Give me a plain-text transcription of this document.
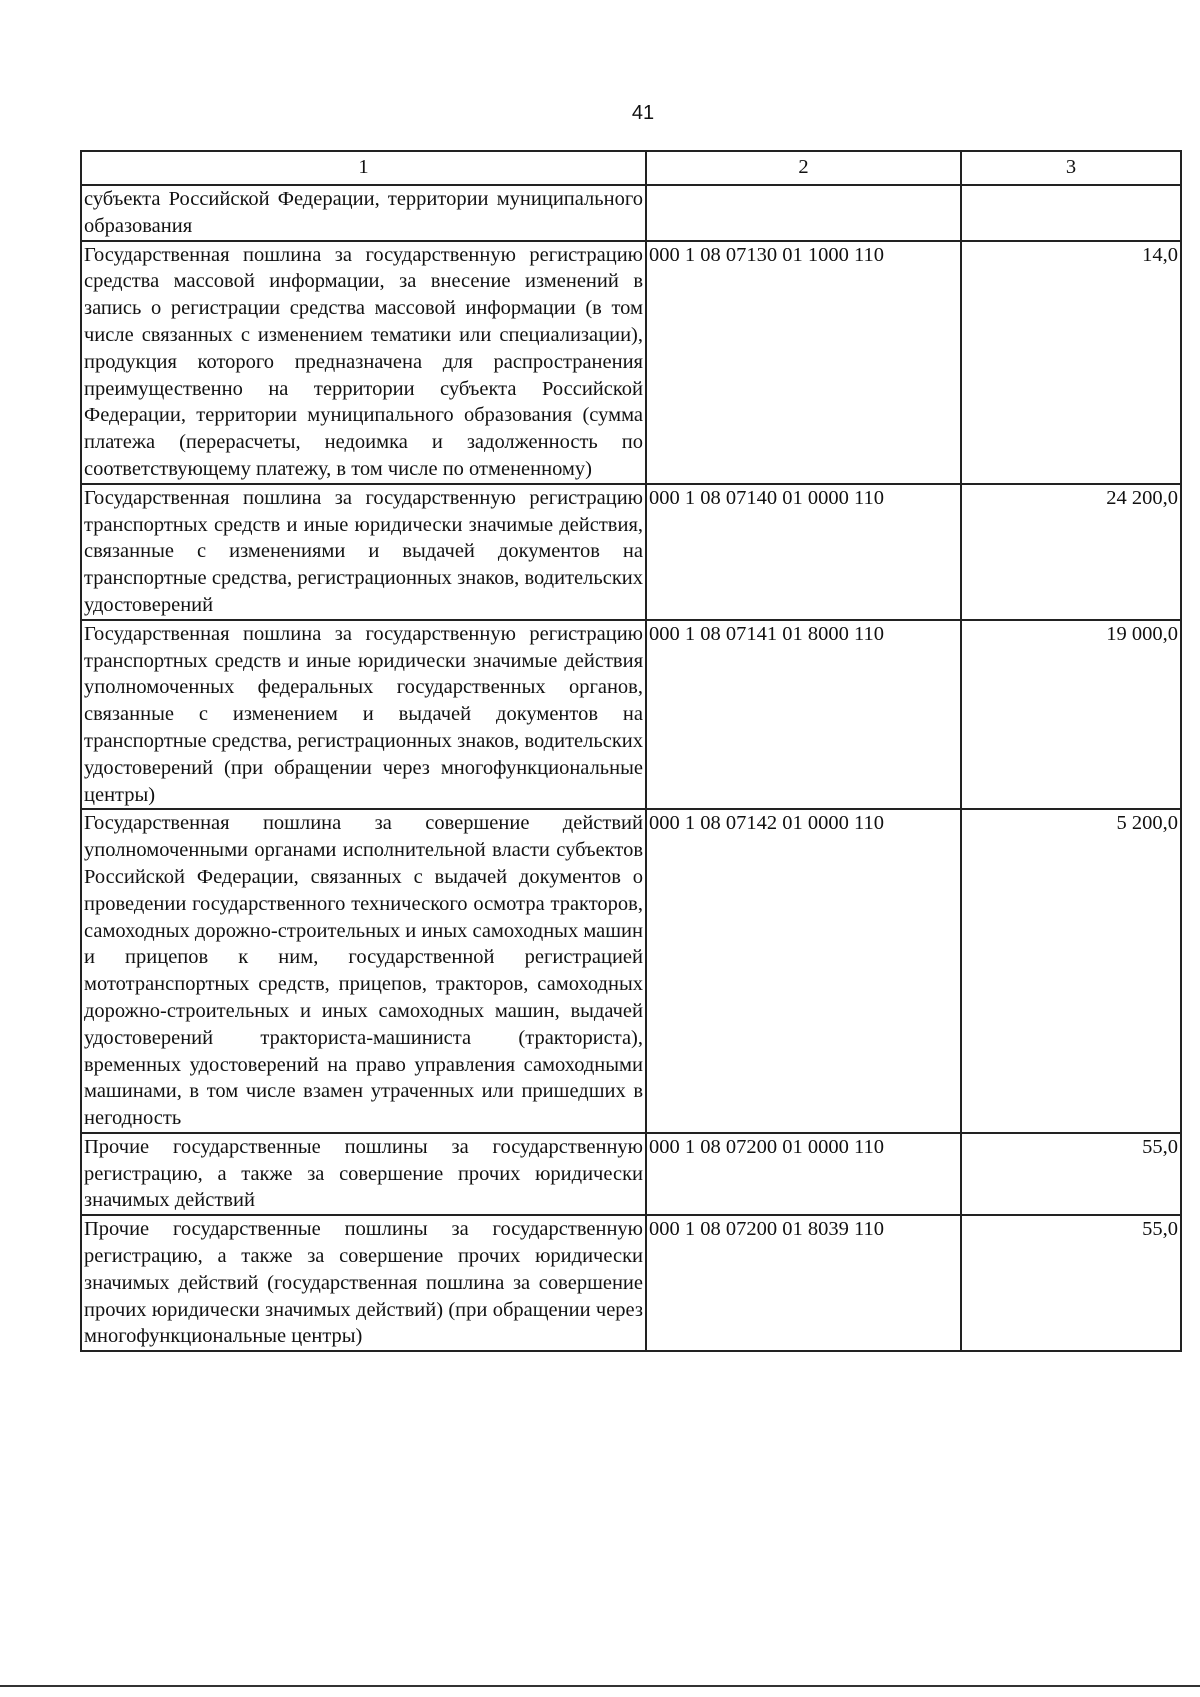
41
1	2	3
субъекта Российской Федерации, территории муниципального образования		
Государственная пошлина за государственную регистрацию средства массовой информации, за внесение изменений в запись о регистрации средства массовой информации (в том числе связанных с изменением тематики или специализации), продукция которого предназначена для распространения преимущественно на территории субъекта Российской Федерации, территории муниципального образования (сумма платежа (перерасчеты, недоимка и задолженность по соответствующему платежу, в том числе по отмененному)	000 1 08 07130 01 1000 110	14,0
Государственная пошлина за государственную регистрацию транспортных средств и иные юридически значимые действия, связанные с изменениями и выдачей документов на транспортные средства, регистрационных знаков, водительских удостоверений	000 1 08 07140 01 0000 110	24 200,0
Государственная пошлина за государственную регистрацию транспортных средств и иные юридически значимые действия уполномоченных федеральных государственных органов, связанные с изменением и выдачей документов на транспортные средства, регистрационных знаков, водительских удостоверений (при обращении через многофункциональные центры)	000 1 08 07141 01 8000 110	19 000,0
Государственная пошлина за совершение действий уполномоченными органами исполнительной власти субъектов Российской Федерации, связанных с выдачей документов о проведении государственного технического осмотра тракторов, самоходных дорожно-строительных и иных самоходных машин и прицепов к ним, государственной регистрацией мототранспортных средств, прицепов, тракторов, самоходных дорожно-строительных и иных самоходных машин, выдачей удостоверений тракториста-машиниста (тракториста), временных удостоверений на право управления самоходными машинами, в том числе взамен утраченных или пришедших в негодность	000 1 08 07142 01 0000 110	5 200,0
Прочие государственные пошлины за государственную регистрацию, а также за совершение прочих юридически значимых действий	000 1 08 07200 01 0000 110	55,0
Прочие государственные пошлины за государственную регистрацию, а также за совершение прочих юридически значимых действий (государственная пошлина за совершение прочих юридически значимых действий) (при обращении через многофункциональные центры)	000 1 08 07200 01 8039 110	55,0
